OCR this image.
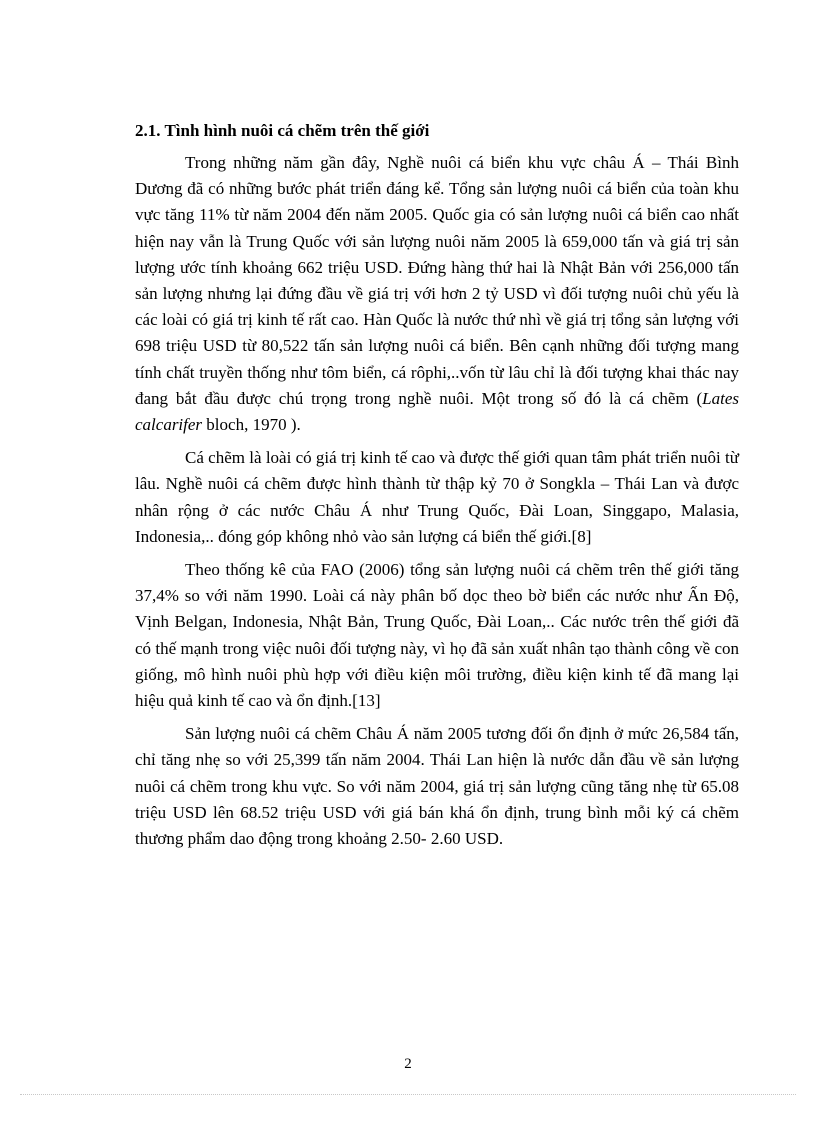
2.1. Tình hình nuôi cá chẽm trên thế giới

Trong những năm gần đây, Nghề nuôi cá biển khu vực châu Á – Thái Bình Dương đã có những bước phát triển đáng kể. Tổng sản lượng nuôi cá biển của toàn khu vực tăng 11% từ năm 2004 đến năm 2005. Quốc gia có sản lượng nuôi cá biển cao nhất hiện nay vẫn là Trung Quốc với sản lượng nuôi năm 2005 là 659,000 tấn và giá trị sản lượng ước tính khoảng 662 triệu USD. Đứng hàng thứ hai là Nhật Bản với 256,000 tấn sản lượng nhưng lại đứng đầu về giá trị với hơn 2 tỷ USD vì đối tượng nuôi chủ yếu là các loài có giá trị kinh tế rất cao. Hàn Quốc là nước thứ nhì về giá trị tổng sản lượng với 698 triệu USD từ 80,522 tấn sản lượng nuôi cá biển. Bên cạnh những đối tượng mang tính chất truyền thống như tôm biển, cá rôphi,..vốn từ lâu chỉ là đối tượng khai thác nay đang bắt đầu được chú trọng trong nghề nuôi. Một trong số đó là cá chẽm (Lates calcarifer bloch, 1970 ).

Cá chẽm là loài có giá trị kinh tế cao và được thế giới quan tâm phát triển nuôi từ lâu. Nghề nuôi cá chẽm được hình thành từ thập kỷ 70 ở Songkla – Thái Lan và được nhân rộng ở các nước Châu Á như Trung Quốc, Đài Loan, Singgapo, Malasia, Indonesia,.. đóng góp không nhỏ vào sản lượng cá biển thế giới.[8]

Theo thống kê của FAO (2006) tổng sản lượng nuôi cá chẽm trên thế giới tăng 37,4% so với năm 1990. Loài cá này phân bố dọc theo bờ biển các nước như Ấn Độ, Vịnh Belgan, Indonesia, Nhật Bản, Trung Quốc, Đài Loan,.. Các nước trên thế giới đã có thế mạnh trong việc nuôi đối tượng này, vì họ đã sản xuất nhân tạo thành công về con giống, mô hình nuôi phù hợp với điều kiện môi trường, điều kiện kinh tế đã mang lại hiệu quả kinh tế cao và ổn định.[13]

Sản lượng nuôi cá chẽm Châu Á năm 2005 tương đối ổn định ở mức 26,584 tấn, chỉ tăng nhẹ so với 25,399 tấn năm 2004. Thái Lan hiện là nước dẫn đầu về sản lượng nuôi cá chẽm trong khu vực. So với năm 2004, giá trị sản lượng cũng tăng nhẹ từ 65.08 triệu USD lên 68.52 triệu USD với giá bán khá ổn định, trung bình mỗi ký cá chẽm thương phẩm dao động trong khoảng 2.50- 2.60 USD.

2
